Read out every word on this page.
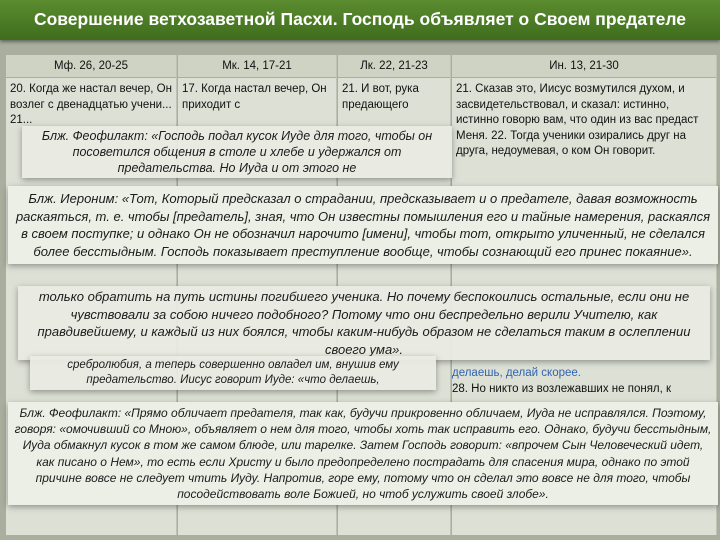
Совершение ветхозаветной Пасхи. Господь объявляет о Своем предателе
Мф. 26, 20-25
20. Когда же настал вечер, Он возлег с двенадцатью учени... 21...
Мк. 14, 17-21
17. Когда настал вечер, Он приходит с
Лк. 22, 21-23
21. И вот, рука предающего
Ин. 13, 21-30
21. Сказав это, Иисус возмутился духом, и засвидетельствовал, и сказал: истинно, истинно говорю вам, что один из вас предаст Меня. 22. Тогда ученики озирались друг на друга, недоумевая, о ком Он говорит.
Блж. Феофилакт: «Господь подал кусок Иуде для того, чтобы он посоветился общения в столе и хлебе и удержался от предательства. Но Иуда и от этого не
Блж. Иероним: «Тот, Который предсказал о страдании, предсказывает и о предателе, давая возможность раскаяться, т. е. чтобы [предатель], зная, что Он известны помышления его и тайные намерения, раскаялся в своем поступке; и однако Он не обозначил нарочито [имени], чтобы тот, открыто уличенный, не сделался более бесстыдным. Господь показывает преступление вообще, чтобы сознающий его принес покаяние».
только обратить на путь истины погибшего ученика. Но почему беспокоились остальные, если они не чувствовали за собою ничего подобного? Потому что они беспредельно верили Учителю, как правдивейшему, и каждый из них боялся, чтобы каким-нибудь образом не сделаться таким в ослеплении своего ума».
сребролюбия, а теперь совершенно овладел им, внушив ему предательство. Иисус говорит Иуде: «что делаешь,
делаешь, делай скорее.
28. Но никто из возлежавших не понял, к
Блж. Феофилакт: «Прямо обличает предателя, так как, будучи прикровенно обличаем, Иуда не исправлялся. Поэтому, говоря: «омочивший со Мною», объявляет о нем для того, чтобы хоть так исправить его. Однако, будучи бесстыдным, Иуда обмакнул кусок в том же самом блюде, или тарелке. Затем Господь говорит: «впрочем Сын Человеческий идет, как писано о Нем», то есть если Христу и было предопределено пострадать для спасения мира, однако по этой причине вовсе не следует чтить Иуду. Напротив, горе ему, потому что он сделал это вовсе не для того, чтобы посодействовать воле Божией, но чтоб услужить своей злобе».
